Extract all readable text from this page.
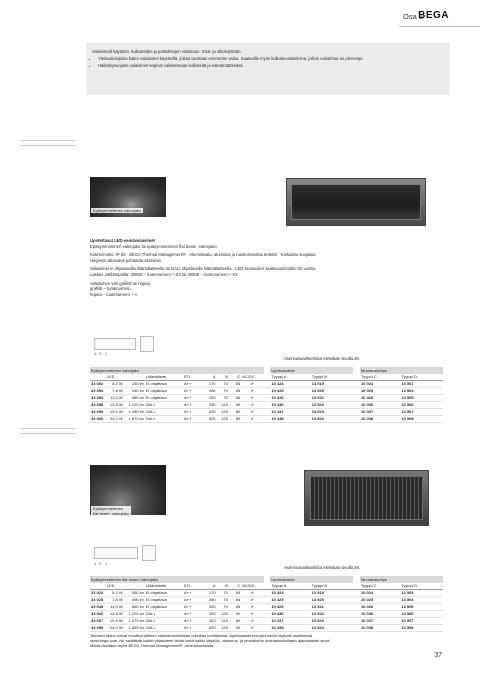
Osa 1
BEGA
Valaisimelt käyttöön, kulkuteiden ja portaikkojen valaisuun. Sisä- ja ulkokäyttöön.
• Yleisvalaisijoina kuten valaisimet käytävillä, joissa tarvitaan enemmän valoa. Saatavilla myös kulkutievalaisimina, jolloin valotehoa on pienempi.
• Häikäisysuojatut valaisimet sopivat valaisemaan kulkuteitä ja esteämättömästi.
Epäsymmetrinen valonjako

Upotettavat LED-seinävalaisimet
Epäsymmetrinen valonjako tai epäsymmetrinen flat beam -valonjako

Kotelo/runko: IP 65 · BEGA Thermal Management® · Alumiinivalu, alumiinia ja ruostumatonta terästä · Karkaistu suojalasi. Heijastin alkovalus puhdasta alumiinia

Valaisimet ei ohjattavalla liitäntälaitteella tai DALI ohjattavalla liitäntälaitteella · LED-moduulien saatavuus/vaihto 20 vuotta. Lasken värilämpötila: 3000K – tuotenumero + K3 tai 4000K – tuotenumero + K4

Valaisimen väri grafiitti tai hopea
grafiitti – tuotenumero
hopea – tuotenumero + A

A · B · C
Asennusvaihtoehdot esitetään sivulla 29.
Epäsymmetrinen valonjako										Upotuskotelo			Muurauskehys	
	LED		Liitäntälaite	ETL	A	B	C	AC/DC		Tyyppi A	Tyyppi B		Tyyppi C	Tyyppi D
33 052	5,2 W	230 lm	Ei ohjattava	A++	170	70	65	✔		10 424	13 519		10 024	13 502
33 054	7,8 W	340 lm	Ei ohjattava	A++	260	70	65	✔		10 425	13 520		10 025	13 504
33 055	11,0 W	480 lm	Ei ohjattava	A++	320	70	65	✔		10 426	13 521		10 026	13 505
33 058	14,8 W	1 100 lm	DALI	A++	330	125	90	✔		10 436	13 522		10 036	13 506
33 059	19,5 W	1 480 lm	DALI	A++	420	125	80	✔		10 437	13 523		10 037	13 507
33 060	24,0 W	1 870 lm	DALI	A++	520	125	80	✔		10 438	13 524		10 038	13 508
Epäsymmetrinen
flat beam -valonjako
A · B · C
Asennusvaihtoehdot esitetään sivulla 29.
Epäsymmetrinen flat beam -valonjako										Upotuskotelo			Muurauskehys	
	LED		Liitäntälaite	ETL	A	B	C	AC/DC		Tyyppi A	Tyyppi B		Tyyppi C	Tyyppi D
33 023	5,2 W	300 lm	Ei ohjattava	A++	170	70	65	✔		10 424	13 519		10 024	13 503
33 028	7,8 W	495 lm	Ei ohjattava	A++	260	70	65	✔		10 425	13 520		10 025	13 504
33 040	11,0 W	660 lm	Ei ohjattava	A++	320	70	65	✔		10 426	13 521		10 026	13 505
33 042	14,8 W	1 225 lm	DALI	A++	330	125	90	✔		10 436	13 522		10 036	13 506
33 067	19,5 W	1 470 lm	DALI	A++	420	125	80	✔		10 437	13 523		10 037	13 507
33 098	24,0 W	1 855 lm	DALI	A++	520	125	90	✔		10 438	13 524		10 038	13 508
Tekniset tiedot voivat muuttua laitteen valmistustekniikan teknikan kehittyessä. Ajantasaiset tekniset tiedot löytyvät osoitteesta www.bega.com. Ne sisältävät kaikki valaisimen tiedot sekä kaikki käyttöä-, asennus- ja ympäristön ominaisuuksiltaan ajantasaiset arvot. Mikäli tarvitaan myös BEGA Thermal Management® -ominaisuuksista.
37
